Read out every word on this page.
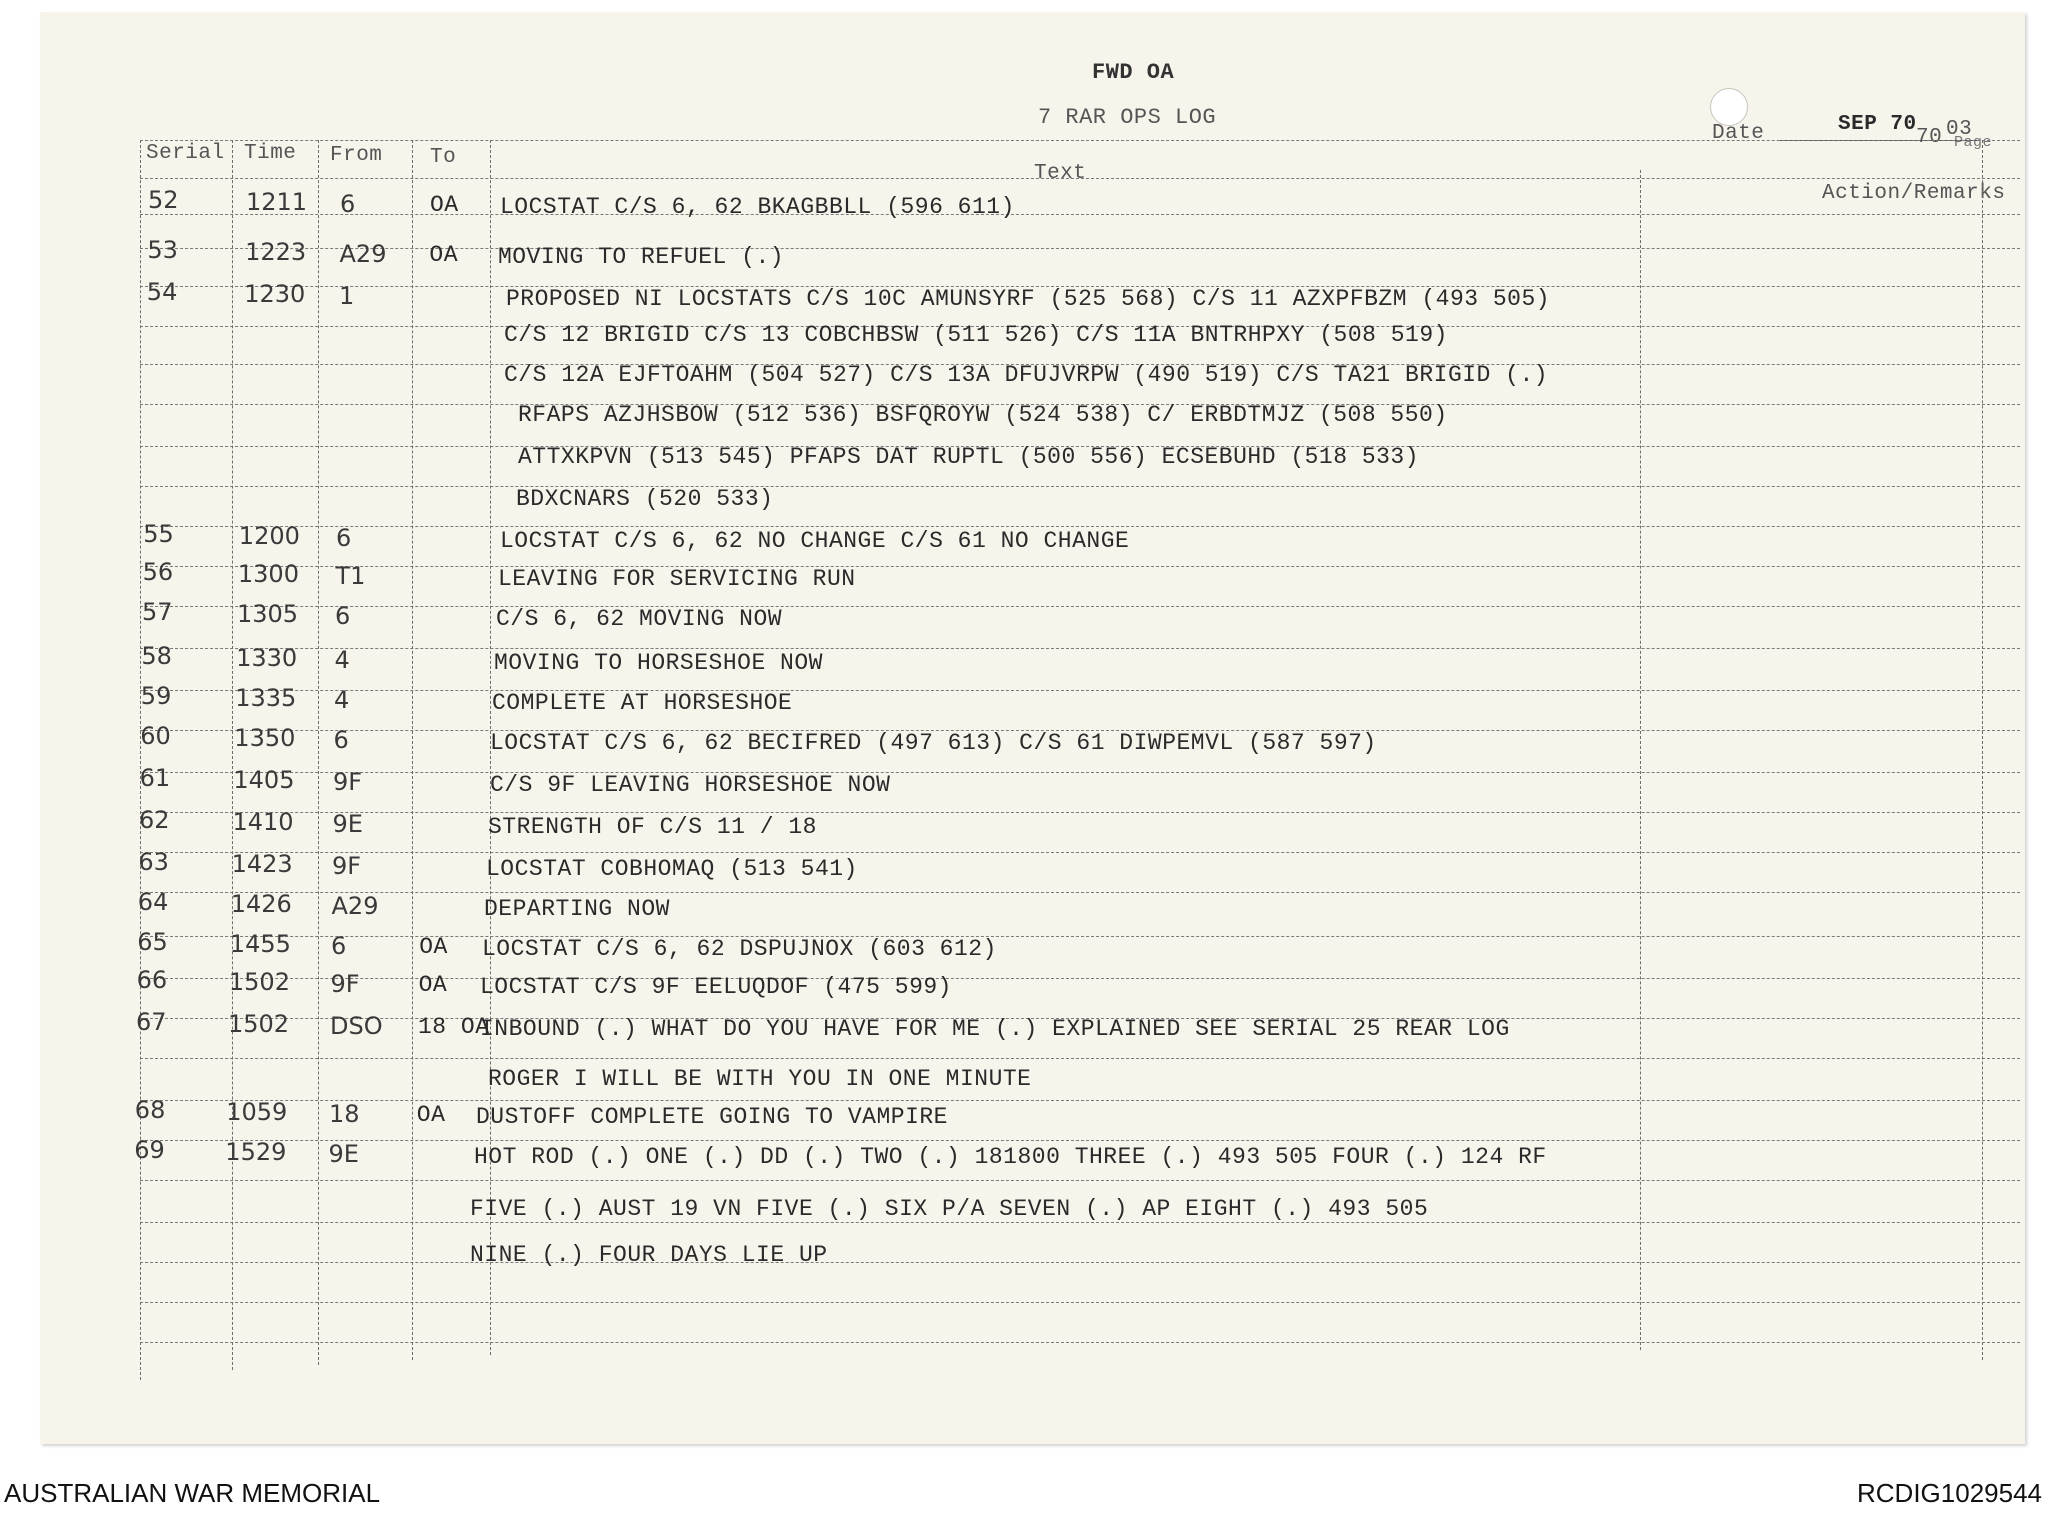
FWD OA
7 RAR OPS LOG
Date	SEP 70
70 03
Page
Serial Time From To
Text
Action/Remarks
52	1211 6	OA LOCSTAT C/S 6, 62 BKAGBBLL (596 611)
53	1223 A29 OA MOVING TO REFUEL (.)
54	1230 1	PROPOSED NI LOCSTATS C/S 10C AMUNSYRF (525 568) C/S 11 AZXPFBZM (493 505)
C/S 12 BRIGID C/S 13 COBCHBSW (511 526) C/S 11A BNTRHPXY (508 519)
C/S 12A EJFTOAHM (504 527) C/S 13A DFUJVRPW (490 519) C/S TA21 BRIGID (.)
RFAPS AZJHSBOW (512 536) BSFQROYW (524 538) C/ ERBDTMJZ (508 550)
ATTXKPVN (513 545) PFAPS DAT RUPTL (500 556) ECSEBUHD (518 533)
BDXCNARS (520 533)
55	1200 6	LOCSTAT C/S 6, 62 NO CHANGE C/S 61 NO CHANGE
56	1300 T1	LEAVING FOR SERVICING RUN
57	1305 6	C/S 6, 62 MOVING NOW
58	1330 4	MOVING TO HORSESHOE NOW
59	1335 4	COMPLETE AT HORSESHOE
60	1350 6	LOCSTAT C/S 6, 62 BECIFRED (497 613) C/S 61 DIWPEMVL (587 597)
61	1405 9F	C/S 9F LEAVING HORSESHOE NOW
62	1410 9E	STRENGTH OF C/S 11 / 18
63	1423 9F	LOCSTAT COBHOMAQ (513 541)
64	1426 A29	DEPARTING NOW
65	1455 6	OA LOCSTAT C/S 6, 62 DSPUJNOX (603 612)
66	1502 9F	OA LOCSTAT C/S 9F EELUQDOF (475 599)
67	1502 DSO 18 OA
INBOUND (.) WHAT DO YOU HAVE FOR ME (.) EXPLAINED SEE SERIAL 25 REAR LOG
ROGER I WILL BE WITH YOU IN ONE MINUTE
68	1059 18 OA DUSTOFF COMPLETE GOING TO VAMPIRE
69	1529 9E	HOT ROD (.) ONE (.) DD (.) TWO (.) 181800 THREE (.) 493 505 FOUR (.) 124 RF
FIVE (.) AUST 19 VN FIVE (.) SIX P/A SEVEN (.) AP EIGHT (.) 493 505
NINE (.) FOUR DAYS LIE UP
AUSTRALIAN WAR MEMORIAL	RCDIG1029544
